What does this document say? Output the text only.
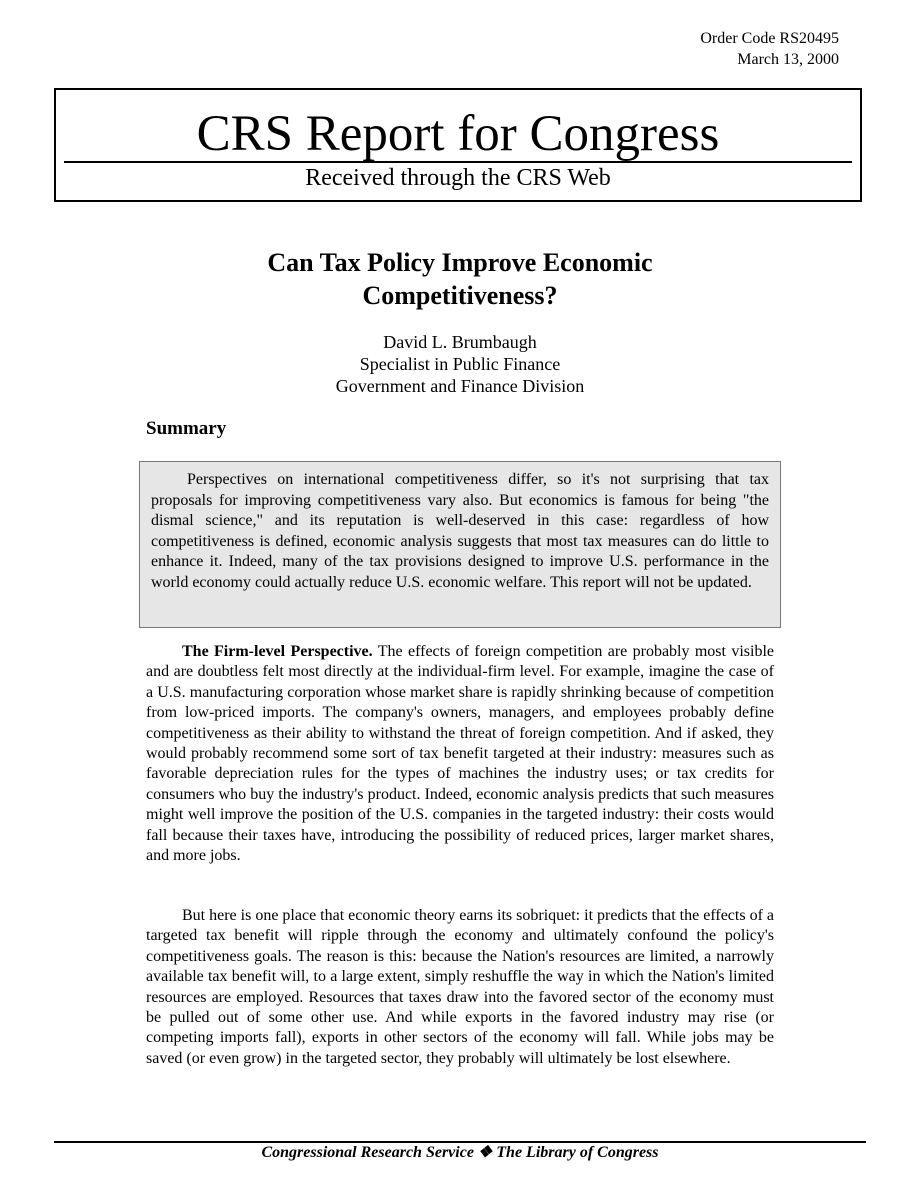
Order Code RS20495
March 13, 2000
CRS Report for Congress
Received through the CRS Web
Can Tax Policy Improve Economic
Competitiveness?
David L. Brumbaugh
Specialist in Public Finance
Government and Finance Division
Summary

Perspectives on international competitiveness differ, so it's not surprising that tax proposals for improving competitiveness vary also. But economics is famous for being "the dismal science," and its reputation is well-deserved in this case: regardless of how competitiveness is defined, economic analysis suggests that most tax measures can do little to enhance it. Indeed, many of the tax provisions designed to improve U.S. performance in the world economy could actually reduce U.S. economic welfare. This report will not be updated.

The Firm-level Perspective. The effects of foreign competition are probably most visible and are doubtless felt most directly at the individual-firm level. For example, imagine the case of a U.S. manufacturing corporation whose market share is rapidly shrinking because of competition from low-priced imports. The company's owners, managers, and employees probably define competitiveness as their ability to withstand the threat of foreign competition. And if asked, they would probably recommend some sort of tax benefit targeted at their industry: measures such as favorable depreciation rules for the types of machines the industry uses; or tax credits for consumers who buy the industry's product. Indeed, economic analysis predicts that such measures might well improve the position of the U.S. companies in the targeted industry: their costs would fall because their taxes have, introducing the possibility of reduced prices, larger market shares, and more jobs.

But here is one place that economic theory earns its sobriquet: it predicts that the effects of a targeted tax benefit will ripple through the economy and ultimately confound the policy's competitiveness goals. The reason is this: because the Nation's resources are limited, a narrowly available tax benefit will, to a large extent, simply reshuffle the way in which the Nation's limited resources are employed. Resources that taxes draw into the favored sector of the economy must be pulled out of some other use. And while exports in the favored industry may rise (or competing imports fall), exports in other sectors of the economy will fall. While jobs may be saved (or even grow) in the targeted sector, they probably will ultimately be lost elsewhere.

Congressional Research Service ❖ The Library of Congress
